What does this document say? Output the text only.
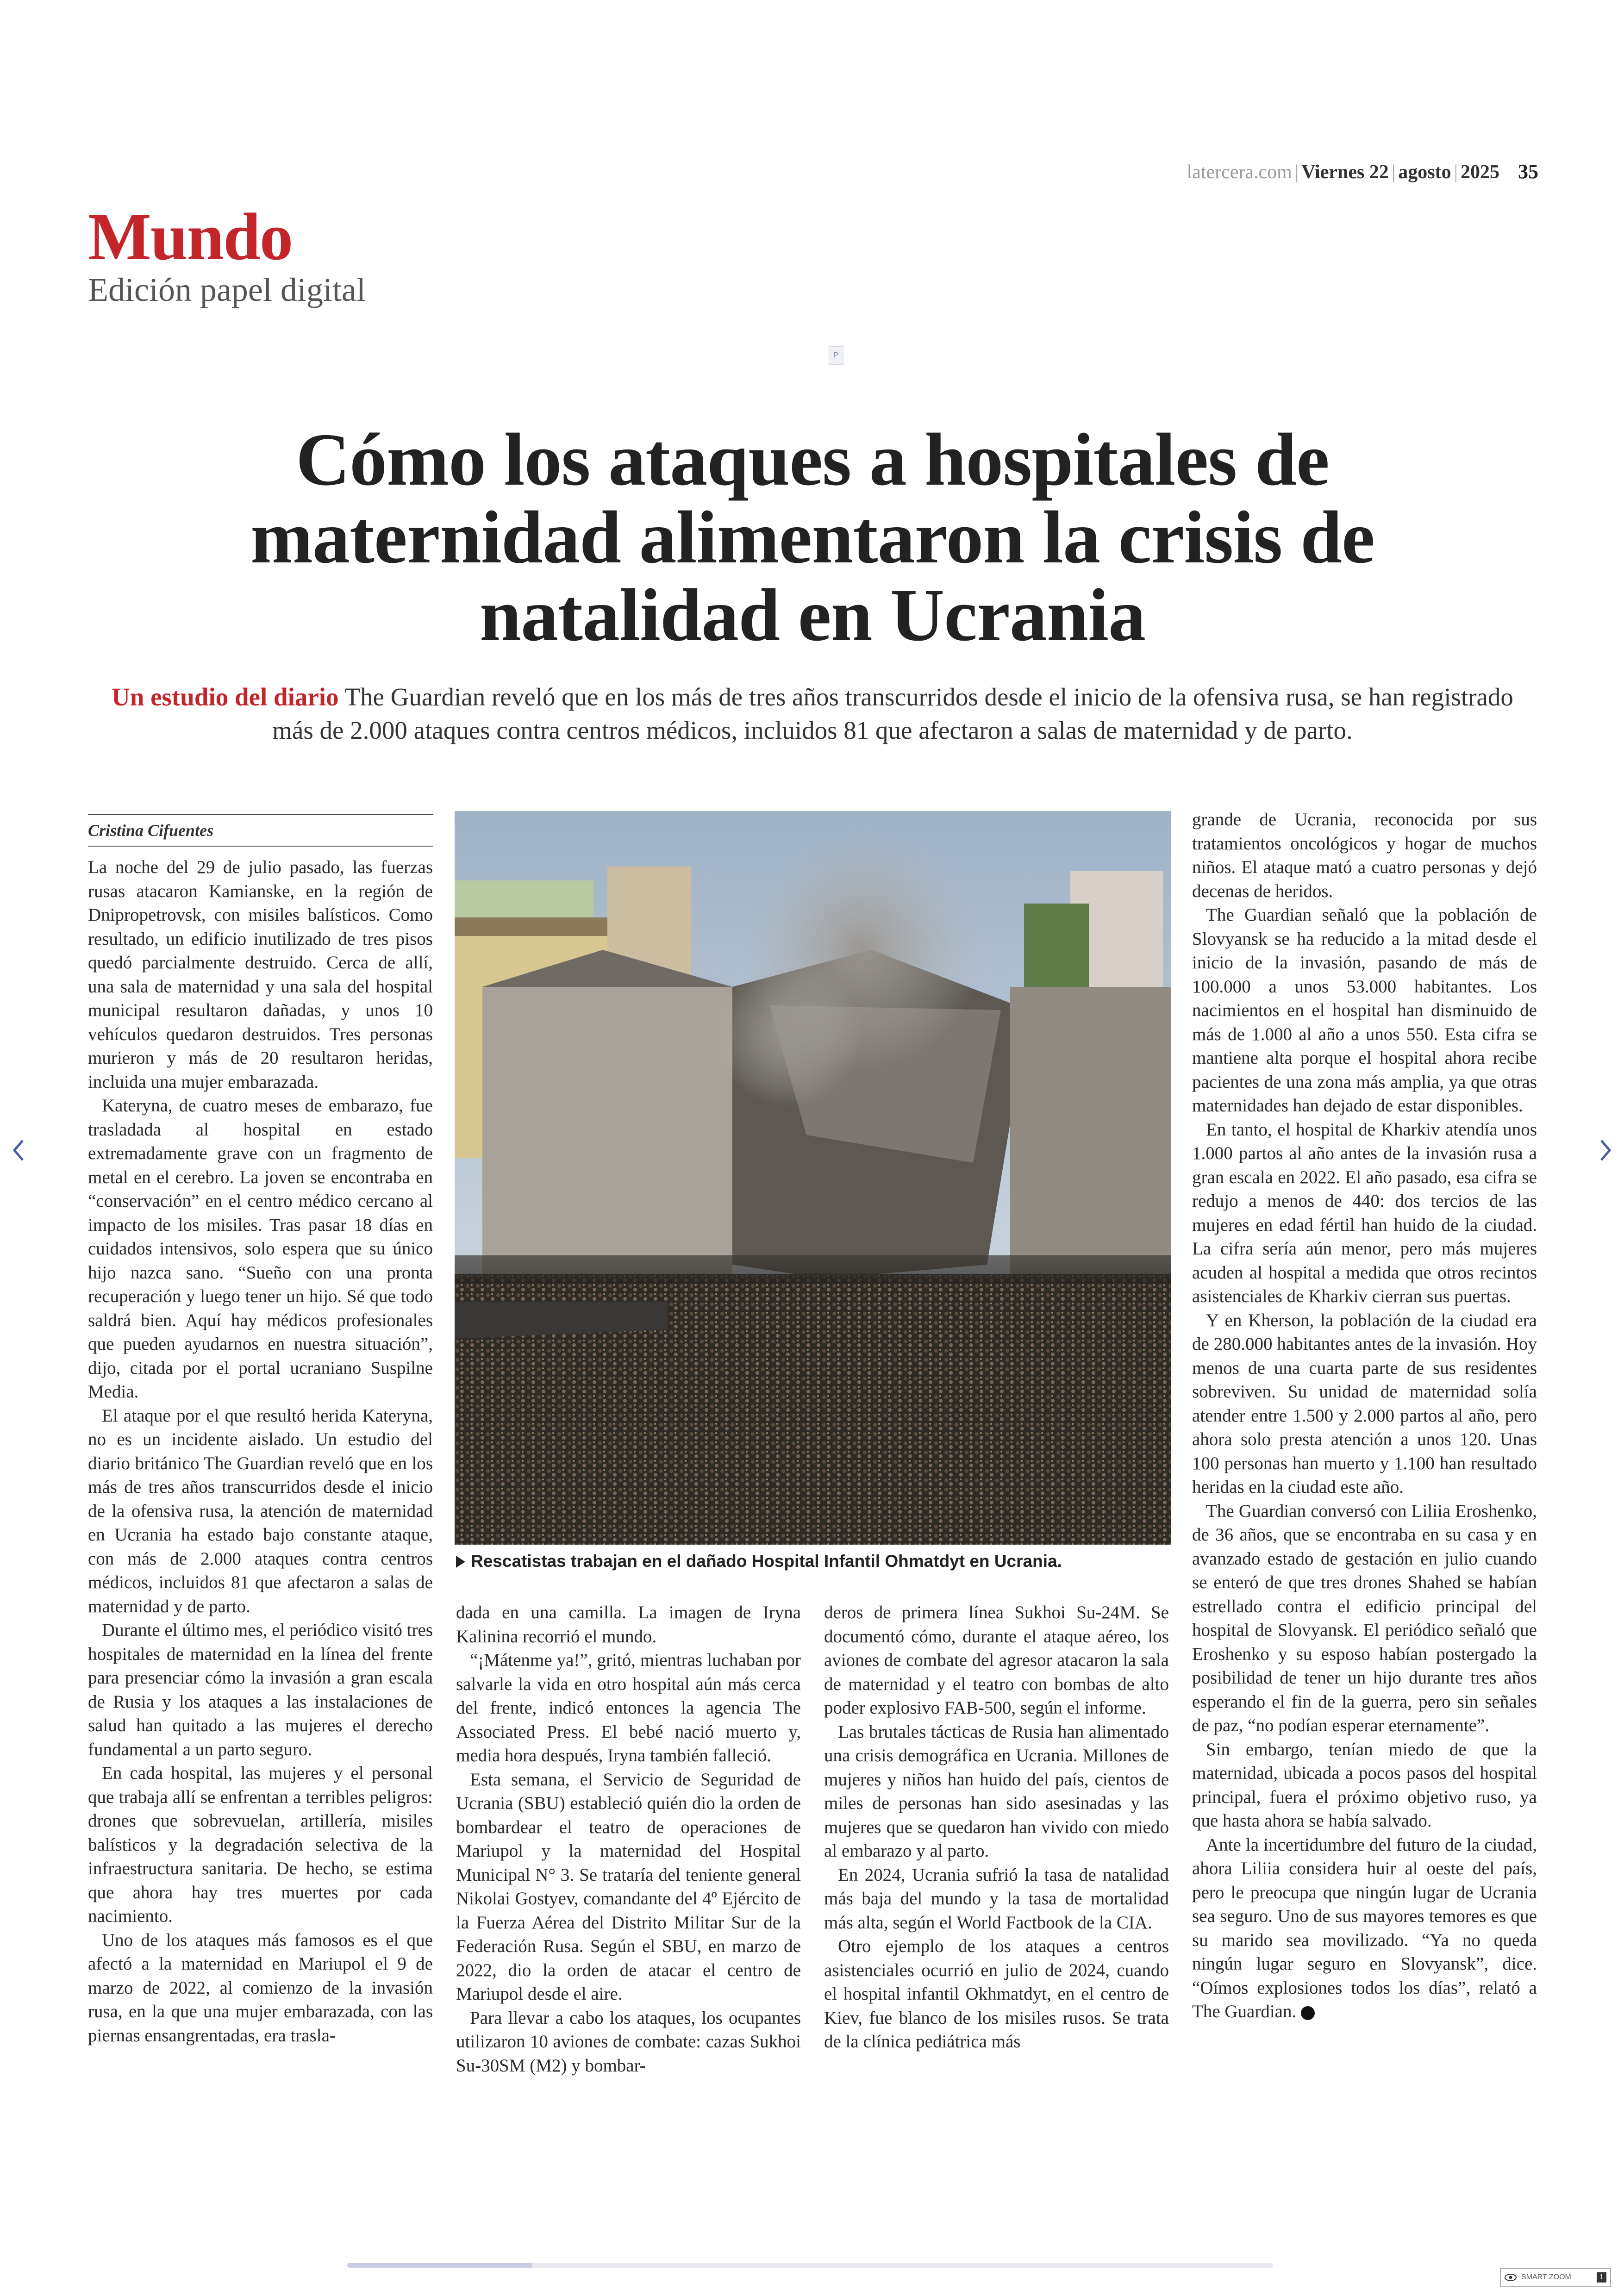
latercera.com | Viernes 22 | agosto | 2025 35
Mundo
Edición papel digital
P
Cómo los ataques a hospitales de maternidad alimentaron la crisis de natalidad en Ucrania
Un estudio del diario The Guardian reveló que en los más de tres años transcurridos desde el inicio de la ofensiva rusa, se han registrado más de 2.000 ataques contra centros médicos, incluidos 81 que afectaron a salas de maternidad y de parto.
Cristina Cifuentes

La noche del 29 de julio pasado, las fuerzas rusas atacaron Kamianske, en la región de Dnipropetrovsk, con misiles balísticos. Como resultado, un edificio inutilizado de tres pisos quedó parcialmente destruido. Cerca de allí, una sala de maternidad y una sala del hospital municipal resultaron dañadas, y unos 10 vehículos quedaron destruidos. Tres personas murieron y más de 20 resultaron heridas, incluida una mujer embarazada.

Kateryna, de cuatro meses de embarazo, fue trasladada al hospital en estado extremadamente grave con un fragmento de metal en el cerebro. La joven se encontraba en “conservación” en el centro médico cercano al impacto de los misiles. Tras pasar 18 días en cuidados intensivos, solo espera que su único hijo nazca sano. “Sueño con una pronta recuperación y luego tener un hijo. Sé que todo saldrá bien. Aquí hay médicos profesionales que pueden ayudarnos en nuestra situación”, dijo, citada por el portal ucraniano Suspilne Media.

El ataque por el que resultó herida Kateryna, no es un incidente aislado. Un estudio del diario británico The Guardian reveló que en los más de tres años transcurridos desde el inicio de la ofensiva rusa, la atención de maternidad en Ucrania ha estado bajo constante ataque, con más de 2.000 ataques contra centros médicos, incluidos 81 que afectaron a salas de maternidad y de parto.

Durante el último mes, el periódico visitó tres hospitales de maternidad en la línea del frente para presenciar cómo la invasión a gran escala de Rusia y los ataques a las instalaciones de salud han quitado a las mujeres el derecho fundamental a un parto seguro.

En cada hospital, las mujeres y el personal que trabaja allí se enfrentan a terribles peligros: drones que sobrevuelan, artillería, misiles balísticos y la degradación selectiva de la infraestructura sanitaria. De hecho, se estima que ahora hay tres muertes por cada nacimiento.

Uno de los ataques más famosos es el que afectó a la maternidad en Mariupol el 9 de marzo de 2022, al comienzo de la invasión rusa, en la que una mujer embarazada, con las piernas ensangrentadas, era trasla-

Rescatistas trabajan en el dañado Hospital Infantil Ohmatdyt en Ucrania.

dada en una camilla. La imagen de Iryna Kalinina recorrió el mundo.

“¡Mátenme ya!”, gritó, mientras luchaban por salvarle la vida en otro hospital aún más cerca del frente, indicó entonces la agencia The Associated Press. El bebé nació muerto y, media hora después, Iryna también falleció.

Esta semana, el Servicio de Seguridad de Ucrania (SBU) estableció quién dio la orden de bombardear el teatro de operaciones de Mariupol y la maternidad del Hospital Municipal N° 3. Se trataría del teniente general Nikolai Gostyev, comandante del 4º Ejército de la Fuerza Aérea del Distrito Militar Sur de la Federación Rusa. Según el SBU, en marzo de 2022, dio la orden de atacar el centro de Mariupol desde el aire.

Para llevar a cabo los ataques, los ocupantes utilizaron 10 aviones de combate: cazas Sukhoi Su-30SM (M2) y bombar-

deros de primera línea Sukhoi Su-24M. Se documentó cómo, durante el ataque aéreo, los aviones de combate del agresor atacaron la sala de maternidad y el teatro con bombas de alto poder explosivo FAB-500, según el informe.

Las brutales tácticas de Rusia han alimentado una crisis demográfica en Ucrania. Millones de mujeres y niños han huido del país, cientos de miles de personas han sido asesinadas y las mujeres que se quedaron han vivido con miedo al embarazo y al parto.

En 2024, Ucrania sufrió la tasa de natalidad más baja del mundo y la tasa de mortalidad más alta, según el World Factbook de la CIA.

Otro ejemplo de los ataques a centros asistenciales ocurrió en julio de 2024, cuando el hospital infantil Okhmatdyt, en el centro de Kiev, fue blanco de los misiles rusos. Se trata de la clínica pediátrica más

grande de Ucrania, reconocida por sus tratamientos oncológicos y hogar de muchos niños. El ataque mató a cuatro personas y dejó decenas de heridos.

The Guardian señaló que la población de Slovyansk se ha reducido a la mitad desde el inicio de la invasión, pasando de más de 100.000 a unos 53.000 habitantes. Los nacimientos en el hospital han disminuido de más de 1.000 al año a unos 550. Esta cifra se mantiene alta porque el hospital ahora recibe pacientes de una zona más amplia, ya que otras maternidades han dejado de estar disponibles.

En tanto, el hospital de Kharkiv atendía unos 1.000 partos al año antes de la invasión rusa a gran escala en 2022. El año pasado, esa cifra se redujo a menos de 440: dos tercios de las mujeres en edad fértil han huido de la ciudad. La cifra sería aún menor, pero más mujeres acuden al hospital a medida que otros recintos asistenciales de Kharkiv cierran sus puertas.

Y en Kherson, la población de la ciudad era de 280.000 habitantes antes de la invasión. Hoy menos de una cuarta parte de sus residentes sobreviven. Su unidad de maternidad solía atender entre 1.500 y 2.000 partos al año, pero ahora solo presta atención a unos 120. Unas 100 personas han muerto y 1.100 han resultado heridas en la ciudad este año.

The Guardian conversó con Liliia Eroshenko, de 36 años, que se encontraba en su casa y en avanzado estado de gestación en julio cuando se enteró de que tres drones Shahed se habían estrellado contra el edificio principal del hospital de Slovyansk. El periódico señaló que Eroshenko y su esposo habían postergado la posibilidad de tener un hijo durante tres años esperando el fin de la guerra, pero sin señales de paz, “no podían esperar eternamente”.

Sin embargo, tenían miedo de que la maternidad, ubicada a pocos pasos del hospital principal, fuera el próximo objetivo ruso, ya que hasta ahora se había salvado.

Ante la incertidumbre del futuro de la ciudad, ahora Liliia considera huir al oeste del país, pero le preocupa que ningún lugar de Ucrania sea seguro. Uno de sus mayores temores es que su marido sea movilizado. “Ya no queda ningún lugar seguro en Slovyansk”, dice. “Oímos explosiones todos los días”, relató a The Guardian.

SMART ZOOM	1
